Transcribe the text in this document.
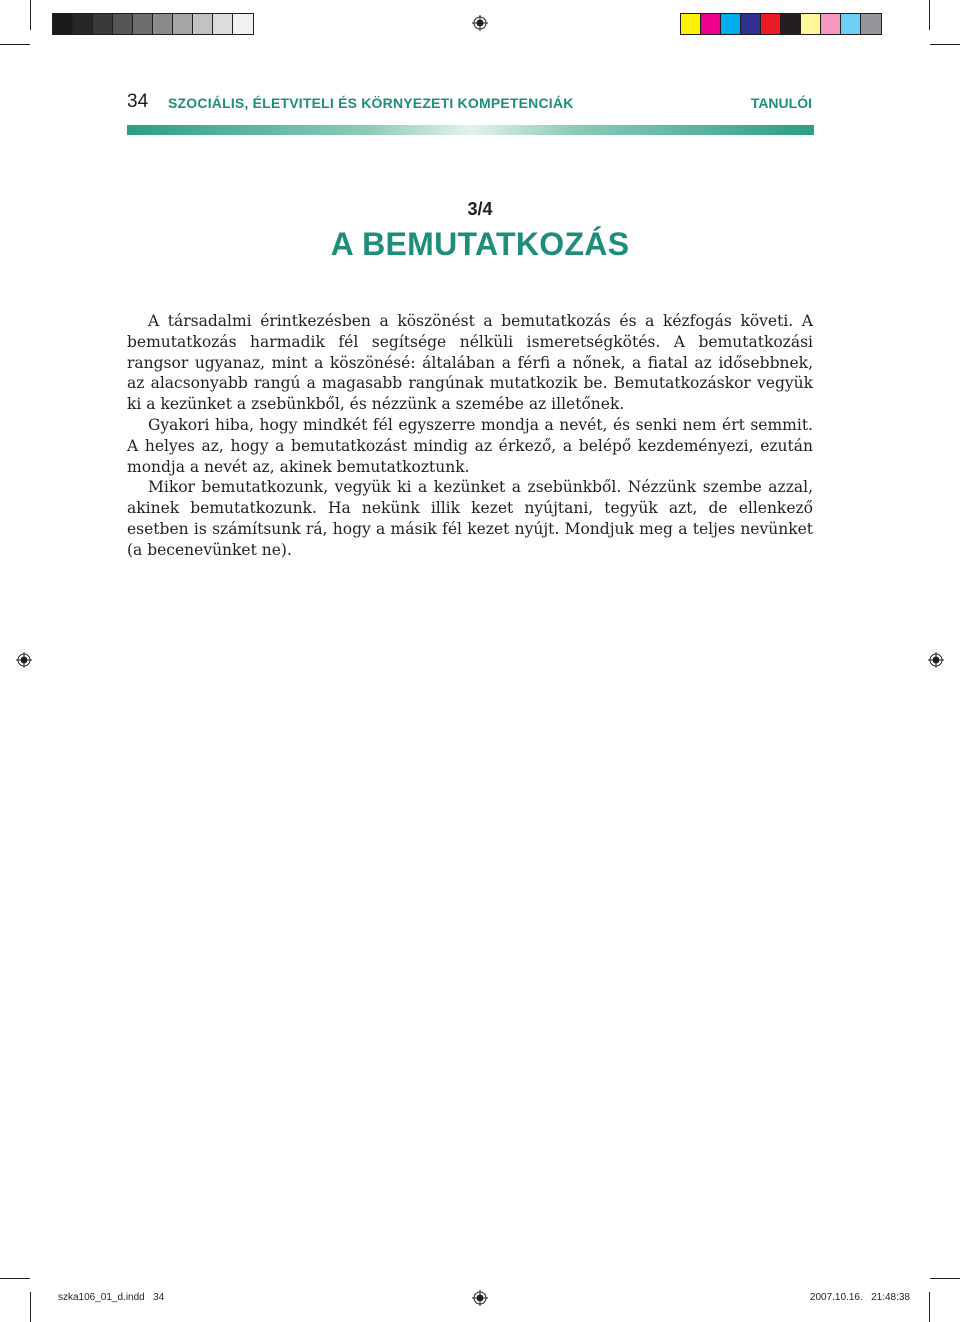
34 SZOCIÁLIS, ÉLETVITELI ÉS KÖRNYEZETI KOMPETENCIÁK	TANULÓI
3/4
A BEMUTATKOZÁS

A társadalmi érintkezésben a köszönést a bemutatkozás és a kézfogás követi. A bemutatkozás harmadik fél segítsége nélküli ismeretségkötés. A bemutatkozási rangsor ugyanaz, mint a köszönésé: általában a férfi a nőnek, a fiatal az idősebbnek, az alacsonyabb rangú a magasabb rangúnak mutatkozik be. Bemutatkozáskor vegyük ki a kezünket a zsebünkből, és nézzünk a szemébe az illetőnek.

Gyakori hiba, hogy mindkét fél egyszerre mondja a nevét, és senki nem ért semmit. A helyes az, hogy a bemutatkozást mindig az érkező, a belépő kezdeményezi, ezután mondja a nevét az, akinek bemutatkoztunk.

Mikor bemutatkozunk, vegyük ki a kezünket a zsebünkből. Nézzünk szembe azzal, akinek bemutatkozunk. Ha nekünk illik kezet nyújtani, tegyük azt, de ellenkező esetben is számítsunk rá, hogy a másik fél kezet nyújt. Mondjuk meg a teljes nevünket (a becenevünket ne).

szka106_01_d.indd   34	2007.10.16.   21:48:38
